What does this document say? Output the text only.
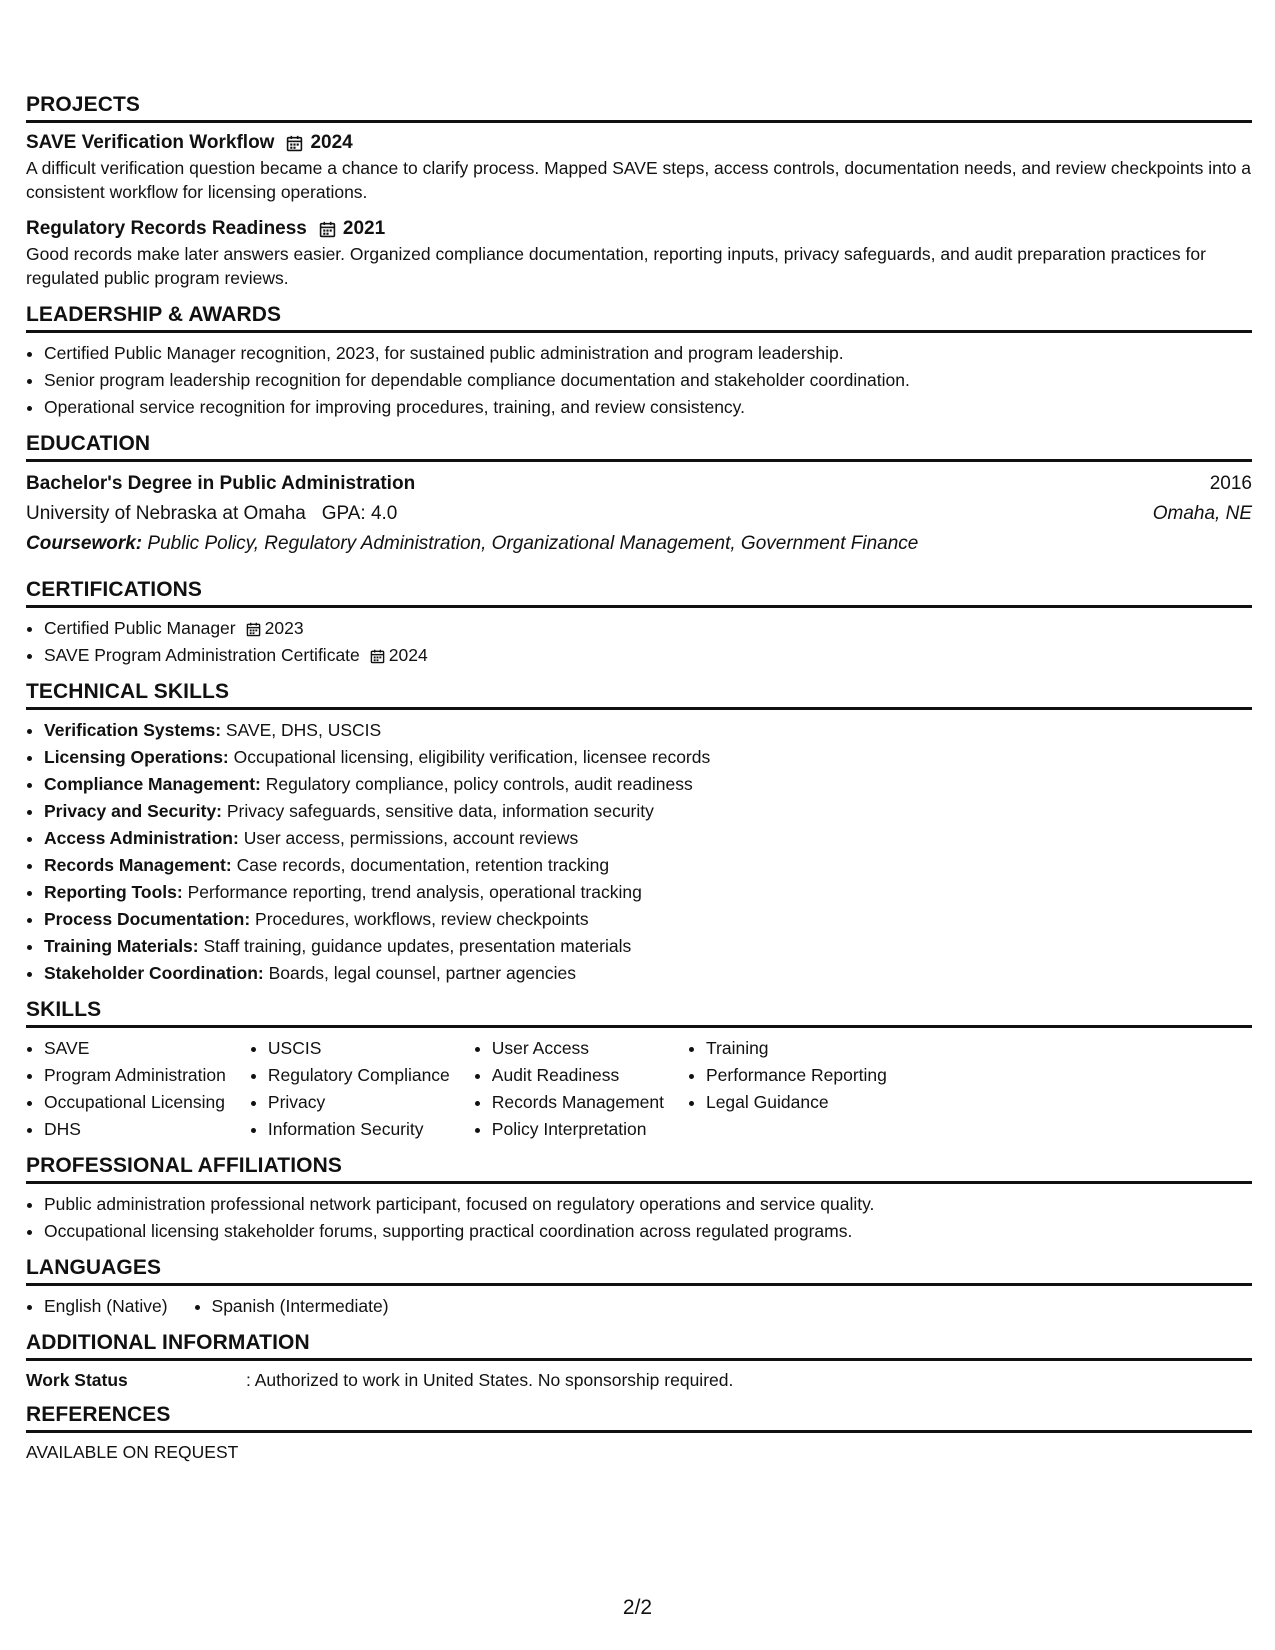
PROJECTS
SAVE Verification Workflow 2024
A difficult verification question became a chance to clarify process. Mapped SAVE steps, access controls, documentation needs, and review checkpoints into a consistent workflow for licensing operations.
Regulatory Records Readiness 2021
Good records make later answers easier. Organized compliance documentation, reporting inputs, privacy safeguards, and audit preparation practices for regulated public program reviews.
LEADERSHIP & AWARDS
• Certified Public Manager recognition, 2023, for sustained public administration and program leadership.
• Senior program leadership recognition for dependable compliance documentation and stakeholder coordination.
• Operational service recognition for improving procedures, training, and review consistency.
EDUCATION
Bachelor's Degree in Public Administration	2016
University of Nebraska at Omaha GPA: 4.0	Omaha, NE
Coursework: Public Policy, Regulatory Administration, Organizational Management, Government Finance
CERTIFICATIONS
• Certified Public Manager 2023
• SAVE Program Administration Certificate 2024
TECHNICAL SKILLS
• Verification Systems: SAVE, DHS, USCIS
• Licensing Operations: Occupational licensing, eligibility verification, licensee records
• Compliance Management: Regulatory compliance, policy controls, audit readiness
• Privacy and Security: Privacy safeguards, sensitive data, information security
• Access Administration: User access, permissions, account reviews
• Records Management: Case records, documentation, retention tracking
• Reporting Tools: Performance reporting, trend analysis, operational tracking
• Process Documentation: Procedures, workflows, review checkpoints
• Training Materials: Staff training, guidance updates, presentation materials
• Stakeholder Coordination: Boards, legal counsel, partner agencies
SKILLS
• SAVE
• Program Administration
• Occupational Licensing
• DHS
• USCIS
• Regulatory Compliance
• Privacy
• Information Security
• User Access
• Audit Readiness
• Records Management
• Policy Interpretation
• Training
• Performance Reporting
• Legal Guidance
PROFESSIONAL AFFILIATIONS
• Public administration professional network participant, focused on regulatory operations and service quality.
• Occupational licensing stakeholder forums, supporting practical coordination across regulated programs.
LANGUAGES
• English (Native)
•	Spanish (Intermediate)
ADDITIONAL INFORMATION
Work Status	: Authorized to work in United States. No sponsorship required.
REFERENCES
AVAILABLE ON REQUEST
2/2
